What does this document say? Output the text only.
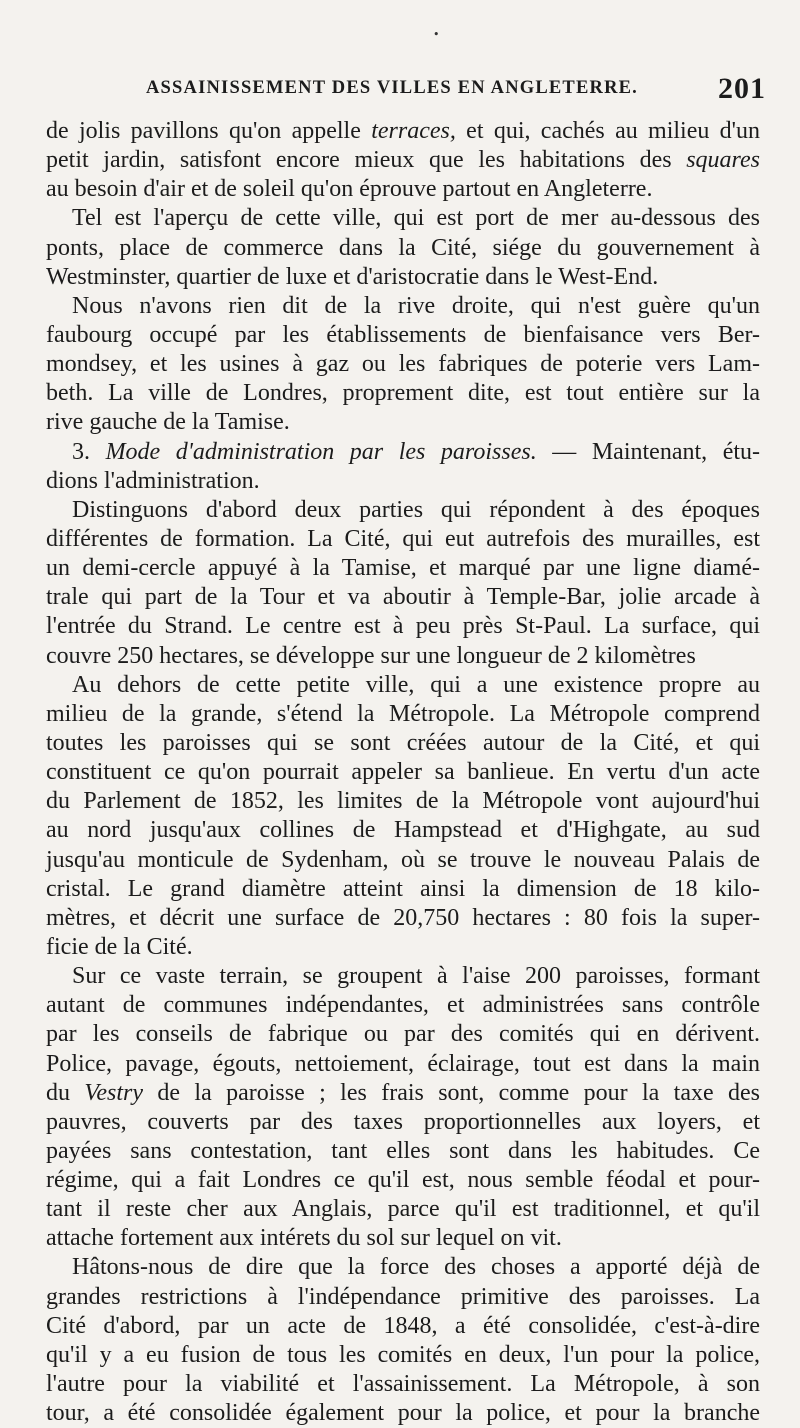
•
ASSAINISSEMENT DES VILLES EN ANGLETERRE.	201
de jolis pavillons qu'on appelle terraces, et qui, cachés au milieu d'un
petit jardin, satisfont encore mieux que les habitations des squares
au besoin d'air et de soleil qu'on éprouve partout en Angleterre.
Tel est l'aperçu de cette ville, qui est port de mer au-dessous des
ponts, place de commerce dans la Cité, siége du gouvernement à
Westminster, quartier de luxe et d'aristocratie dans le West-End.
Nous n'avons rien dit de la rive droite, qui n'est guère qu'un
faubourg occupé par les établissements de bienfaisance vers Ber-
mondsey, et les usines à gaz ou les fabriques de poterie vers Lam-
beth. La ville de Londres, proprement dite, est tout entière sur la
rive gauche de la Tamise.
3. Mode d'administration par les paroisses. — Maintenant, étu-
dions l'administration.
Distinguons d'abord deux parties qui répondent à des époques
différentes de formation. La Cité, qui eut autrefois des murailles, est
un demi-cercle appuyé à la Tamise, et marqué par une ligne diamé-
trale qui part de la Tour et va aboutir à Temple-Bar, jolie arcade à
l'entrée du Strand. Le centre est à peu près St-Paul. La surface, qui
couvre 250 hectares, se développe sur une longueur de 2 kilomètres
Au dehors de cette petite ville, qui a une existence propre au
milieu de la grande, s'étend la Métropole. La Métropole comprend
toutes les paroisses qui se sont créées autour de la Cité, et qui
constituent ce qu'on pourrait appeler sa banlieue. En vertu d'un acte
du Parlement de 1852, les limites de la Métropole vont aujourd'hui
au nord jusqu'aux collines de Hampstead et d'Highgate, au sud
jusqu'au monticule de Sydenham, où se trouve le nouveau Palais de
cristal. Le grand diamètre atteint ainsi la dimension de 18 kilo-
mètres, et décrit une surface de 20,750 hectares : 80 fois la super-
ficie de la Cité.
Sur ce vaste terrain, se groupent à l'aise 200 paroisses, formant
autant de communes indépendantes, et administrées sans contrôle
par les conseils de fabrique ou par des comités qui en dérivent.
Police, pavage, égouts, nettoiement, éclairage, tout est dans la main
du Vestry de la paroisse ; les frais sont, comme pour la taxe des
pauvres, couverts par des taxes proportionnelles aux loyers, et
payées sans contestation, tant elles sont dans les habitudes. Ce
régime, qui a fait Londres ce qu'il est, nous semble féodal et pour-
tant il reste cher aux Anglais, parce qu'il est traditionnel, et qu'il
attache fortement aux intérets du sol sur lequel on vit.
Hâtons-nous de dire que la force des choses a apporté déjà de
grandes restrictions à l'indépendance primitive des paroisses. La
Cité d'abord, par un acte de 1848, a été consolidée, c'est-à-dire
qu'il y a eu fusion de tous les comités en deux, l'un pour la police,
l'autre pour la viabilité et l'assainissement. La Métropole, à son
tour, a été consolidée également pour la police, et pour la branche
